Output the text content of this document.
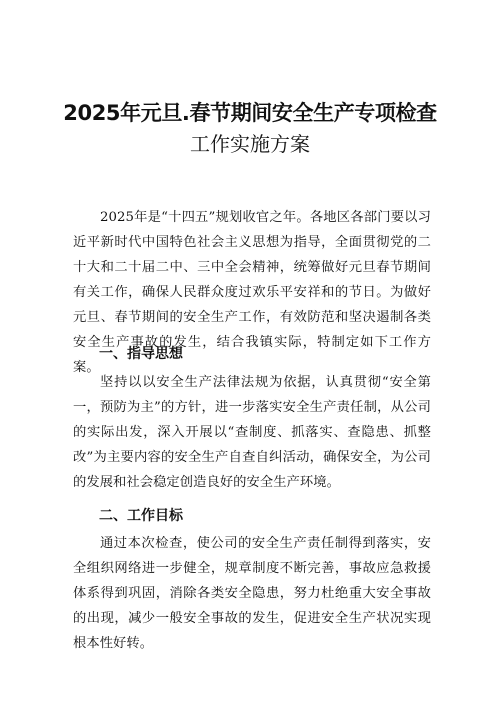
2025年元旦.春节期间安全生产专项检查
工作实施方案

2025年是“十四五”规划收官之年。各地区各部门要以习近平新时代中国特色社会主义思想为指导，全面贯彻党的二十大和二十届二中、三中全会精神，统筹做好元旦春节期间有关工作，确保人民群众度过欢乐平安祥和的节日。为做好元旦、春节期间的安全生产工作，有效防范和坚决遏制各类安全生产事故的发生，结合我镇实际，特制定如下工作方案。

一、指导思想

坚持以以安全生产法律法规为依据，认真贯彻“安全第一，预防为主”的方针，进一步落实安全生产责任制，从公司的实际出发，深入开展以“查制度、抓落实、查隐患、抓整改”为主要内容的安全生产自查自纠活动，确保安全，为公司的发展和社会稳定创造良好的安全生产环境。

二、工作目标

通过本次检查，使公司的安全生产责任制得到落实，安全组织网络进一步健全，规章制度不断完善，事故应急救援体系得到巩固，消除各类安全隐患，努力杜绝重大安全事故的出现，减少一般安全事故的发生，促进安全生产状况实现根本性好转。
